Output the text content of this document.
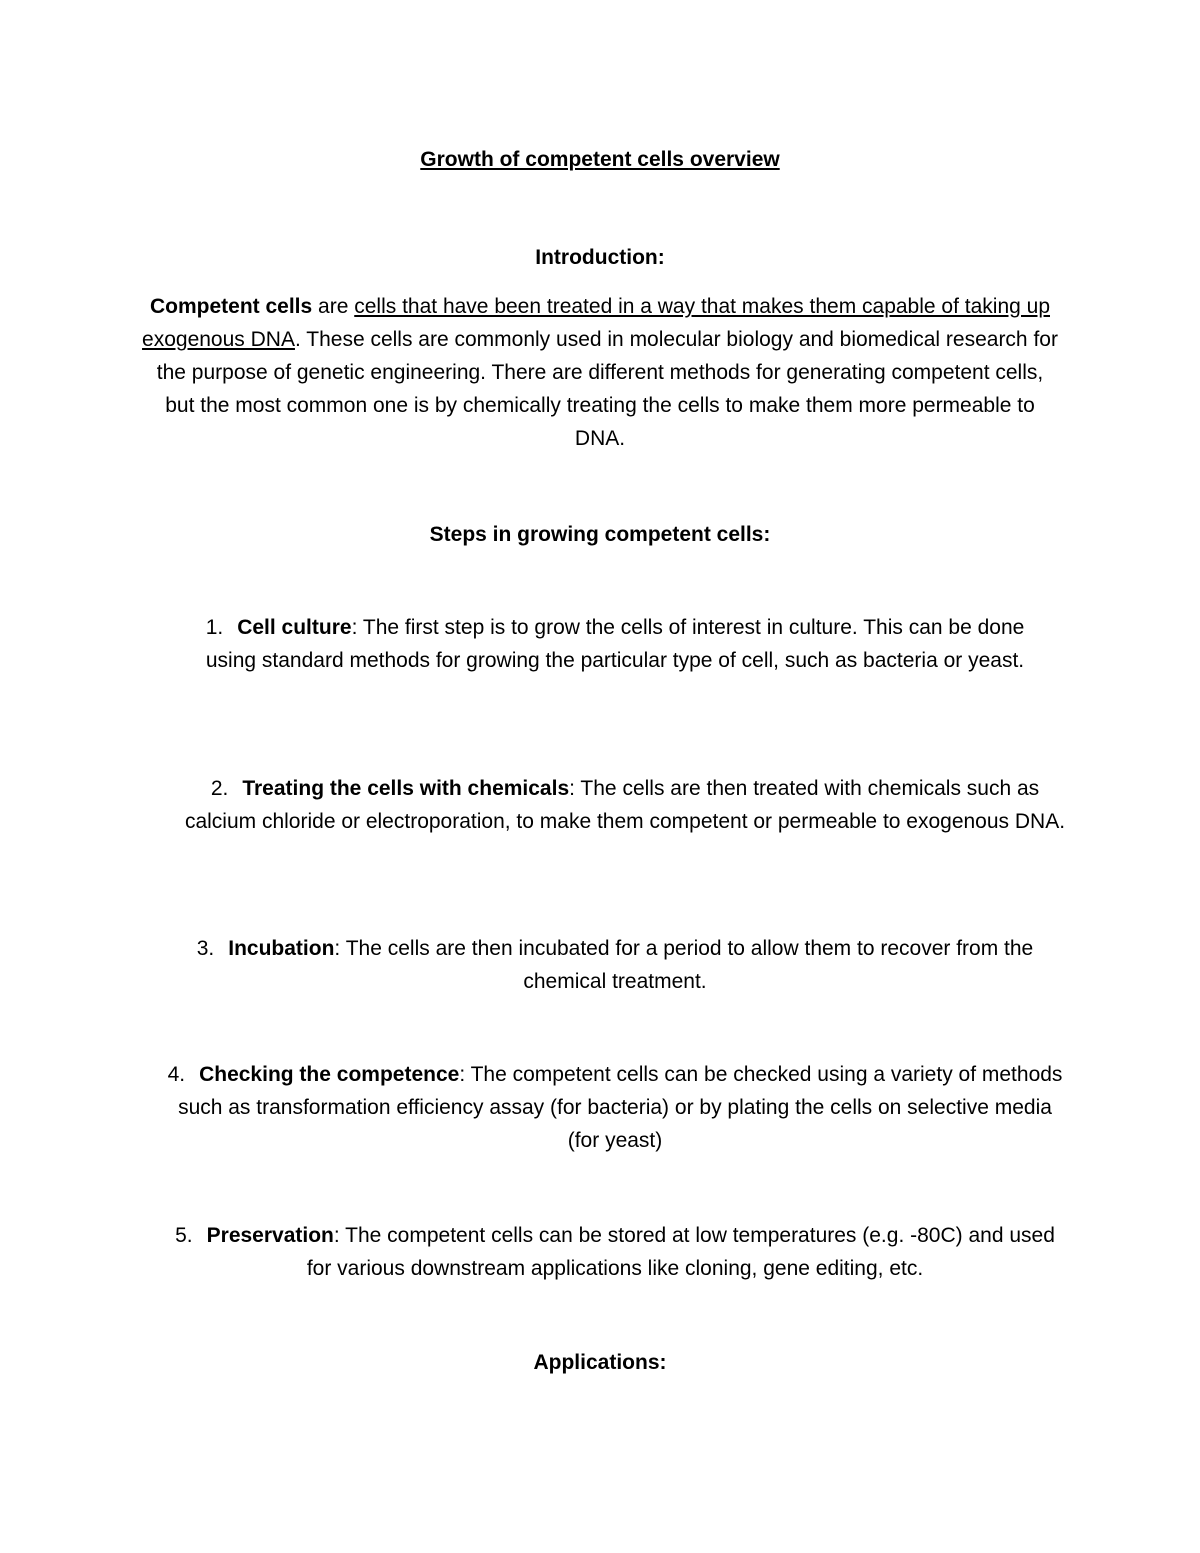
Growth of competent cells overview
Introduction:
Competent cells are cells that have been treated in a way that makes them capable of taking up exogenous DNA. These cells are commonly used in molecular biology and biomedical research for the purpose of genetic engineering. There are different methods for generating competent cells, but the most common one is by chemically treating the cells to make them more permeable to DNA.
Steps in growing competent cells:
1. Cell culture: The first step is to grow the cells of interest in culture. This can be done using standard methods for growing the particular type of cell, such as bacteria or yeast.
2. Treating the cells with chemicals: The cells are then treated with chemicals such as calcium chloride or electroporation, to make them competent or permeable to exogenous DNA.
3. Incubation: The cells are then incubated for a period to allow them to recover from the chemical treatment.
4. Checking the competence: The competent cells can be checked using a variety of methods such as transformation efficiency assay (for bacteria) or by plating the cells on selective media (for yeast)
5. Preservation: The competent cells can be stored at low temperatures (e.g. -80C) and used for various downstream applications like cloning, gene editing, etc.
Applications:
